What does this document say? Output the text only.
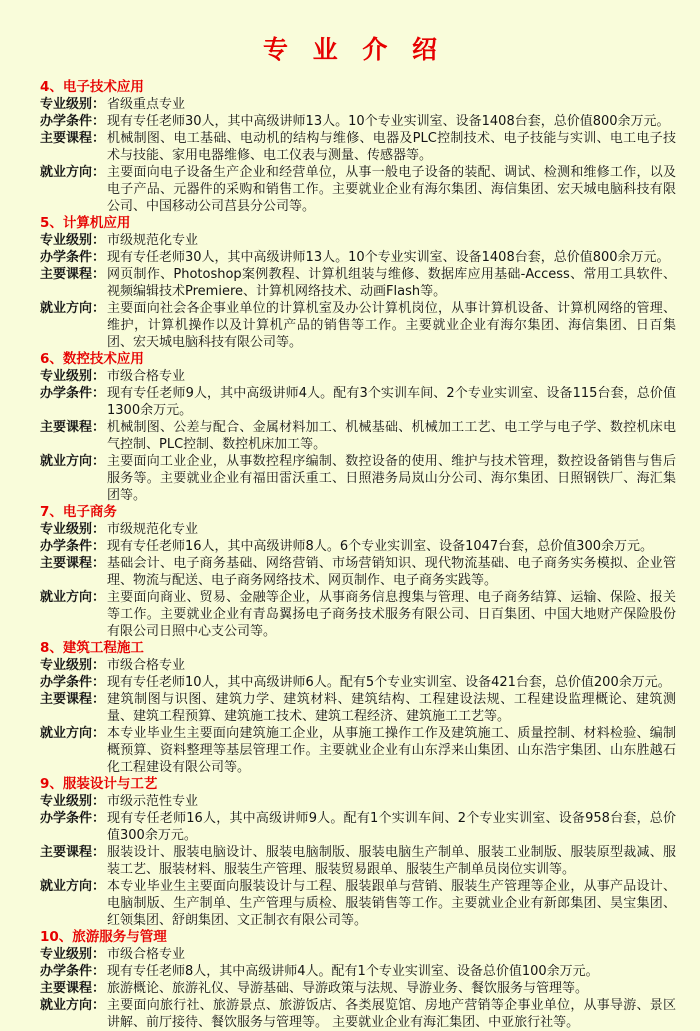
专 业 介 绍
4、电子技术应用
专业级别： 省级重点专业
办学条件： 现有专任老师30人，其中高级讲师13人。10个专业实训室、设备1408台套，总价值800余万元。
主要课程： 机械制图、电工基础、电动机的结构与维修、电器及PLC控制技术、电子技能与实训、电工电子技术与技能、家用电器维修、电工仪表与测量、传感器等。
就业方向： 主要面向电子设备生产企业和经营单位，从事一般电子设备的装配、调试、检测和维修工作，以及电子产品、元器件的采购和销售工作。主要就业企业有海尔集团、海信集团、宏天城电脑科技有限公司、中国移动公司莒县分公司等。
5、计算机应用
专业级别： 市级规范化专业
办学条件： 现有专任老师30人，其中高级讲师13人。10个专业实训室、设备1408台套，总价值800余万元。
主要课程： 网页制作、Photoshop案例教程、计算机组装与维修、数据库应用基础-Access、常用工具软件、视频编辑技术Premiere、计算机网络技术、动画Flash等。
就业方向： 主要面向社会各企事业单位的计算机室及办公计算机岗位，从事计算机设备、计算机网络的管理、维护，计算机操作以及计算机产品的销售等工作。主要就业企业有海尔集团、海信集团、日百集团、宏天城电脑科技有限公司等。
6、数控技术应用
专业级别： 市级合格专业
办学条件： 现有专任老师9人，其中高级讲师4人。配有3个实训车间、2个专业实训室、设备115台套，总价值1300余万元。
主要课程： 机械制图、公差与配合、金属材料加工、机械基础、机械加工工艺、电工学与电子学、数控机床电气控制、PLC控制、数控机床加工等。
就业方向： 主要面向工业企业，从事数控程序编制、数控设备的使用、维护与技术管理，数控设备销售与售后服务等。主要就业企业有福田雷沃重工、日照港务局岚山分公司、海尔集团、日照钢铁厂、海汇集团等。
7、电子商务
专业级别： 市级规范化专业
办学条件： 现有专任老师16人，其中高级讲师8人。6个专业实训室、设备1047台套，总价值300余万元。
主要课程： 基础会计、电子商务基础、网络营销、市场营销知识、现代物流基础、电子商务实务模拟、企业管理、物流与配送、电子商务网络技术、网页制作、电子商务实践等。
就业方向： 主要面向商业、贸易、金融等企业，从事商务信息搜集与管理、电子商务结算、运输、保险、报关等工作。主要就业企业有青岛翼扬电子商务技术服务有限公司、日百集团、中国大地财产保险股份有限公司日照中心支公司等。
8、建筑工程施工
专业级别： 市级合格专业
办学条件： 现有专任老师10人，其中高级讲师6人。配有5个专业实训室、设备421台套，总价值200余万元。
主要课程： 建筑制图与识图、建筑力学、建筑材料、建筑结构、工程建设法规、工程建设监理概论、建筑测量、建筑工程预算、建筑施工技术、建筑工程经济、建筑施工工艺等。
就业方向： 本专业毕业生主要面向建筑施工企业，从事施工操作工作及建筑施工、质量控制、材料检验、编制概预算、资料整理等基层管理工作。主要就业企业有山东浮来山集团、山东浩宇集团、山东胜越石化工程建设有限公司等。
9、服装设计与工艺
专业级别： 市级示范性专业
办学条件： 现有专任老师16人，其中高级讲师9人。配有1个实训车间、2个专业实训室、设备958台套，总价值300余万元。
主要课程： 服装设计、服装电脑设计、服装电脑制版、服装电脑生产制单、服装工业制版、服装原型裁减、服装工艺、服装材料、服装生产管理、服装贸易跟单、服装生产制单员岗位实训等。
就业方向： 本专业毕业生主要面向服装设计与工程、服装跟单与营销、服装生产管理等企业，从事产品设计、电脑制版、生产制单、生产管理与质检、服装销售等工作。主要就业企业有新郎集团、昊宝集团、红领集团、舒朗集团、文正制衣有限公司等。
10、旅游服务与管理
专业级别： 市级合格专业
办学条件： 现有专任老师8人，其中高级讲师4人。配有1个专业实训室、设备总价值100余万元。
主要课程： 旅游概论、旅游礼仪、导游基础、导游政策与法规、导游业务、餐饮服务与管理等。
就业方向： 主要面向旅行社、旅游景点、旅游饭店、各类展览馆、房地产营销等企事业单位，从事导游、景区讲解、前厅接待、餐饮服务与管理等。 主要就业企业有海汇集团、中亚旅行社等。
